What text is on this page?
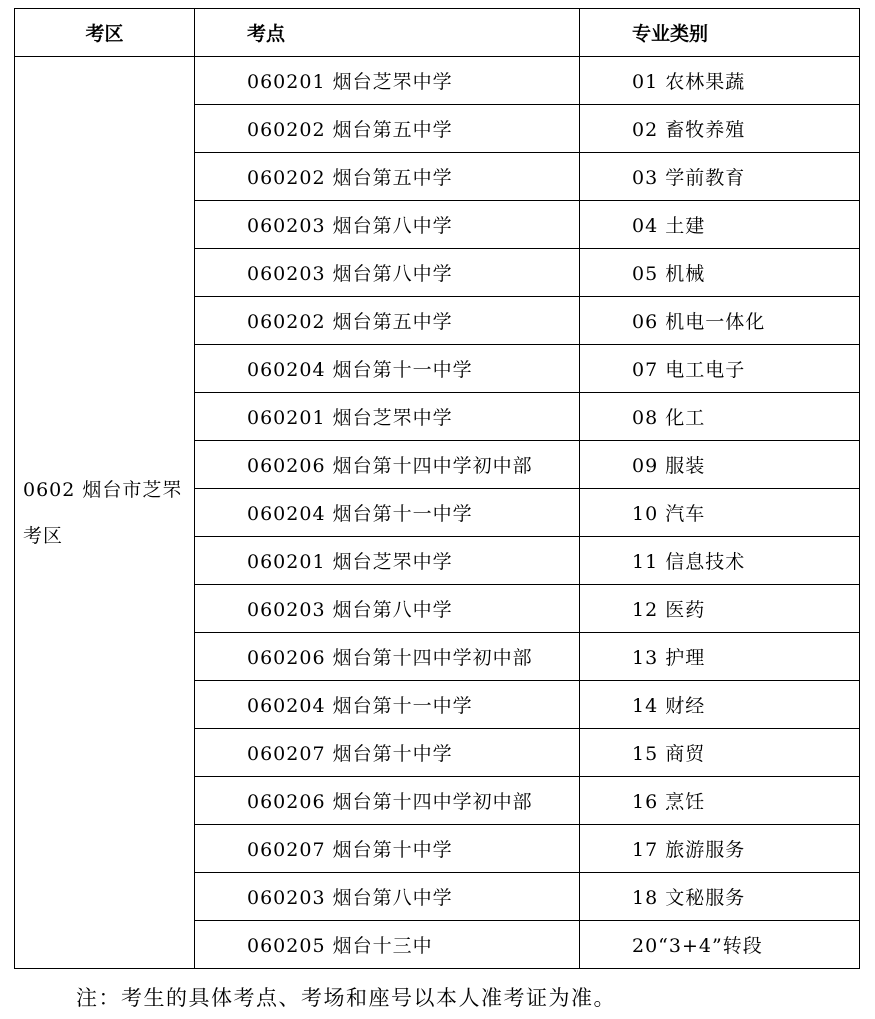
考区	考点	专业类别
0602 烟台市芝罘考区	060201 烟台芝罘中学	01 农林果蔬
	060202 烟台第五中学	02 畜牧养殖
	060202 烟台第五中学	03 学前教育
	060203 烟台第八中学	04 土建
	060203 烟台第八中学	05 机械
	060202 烟台第五中学	06 机电一体化
	060204 烟台第十一中学	07 电工电子
	060201 烟台芝罘中学	08 化工
	060206 烟台第十四中学初中部	09 服装
	060204 烟台第十一中学	10 汽车
	060201 烟台芝罘中学	11 信息技术
	060203 烟台第八中学	12 医药
	060206 烟台第十四中学初中部	13 护理
	060204 烟台第十一中学	14 财经
	060207 烟台第十中学	15 商贸
	060206 烟台第十四中学初中部	16 烹饪
	060207 烟台第十中学	17 旅游服务
	060203 烟台第八中学	18 文秘服务
	060205 烟台十三中	20“3+4”转段
注：考生的具体考点、考场和座号以本人准考证为准。
